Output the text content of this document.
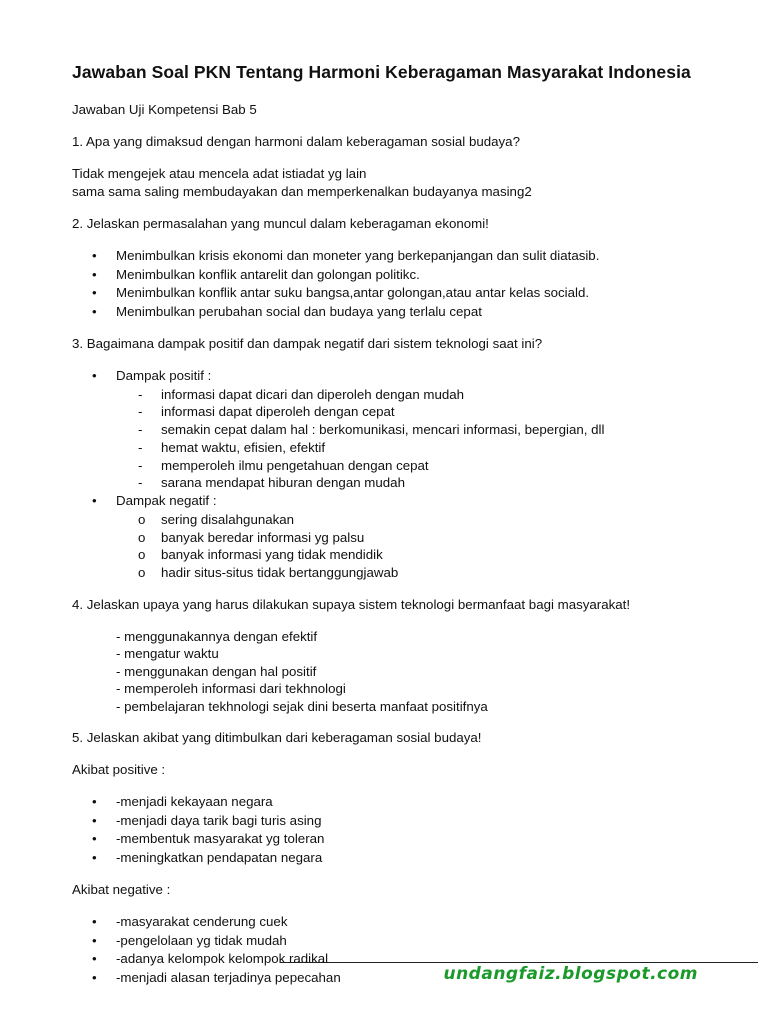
Jawaban Soal PKN Tentang Harmoni Keberagaman Masyarakat Indonesia
Jawaban Uji Kompetensi Bab 5
1. Apa yang dimaksud dengan harmoni dalam keberagaman sosial budaya?
Tidak mengejek atau mencela adat istiadat yg lain
sama sama saling membudayakan dan memperkenalkan budayanya masing2
2. Jelaskan permasalahan yang muncul dalam keberagaman ekonomi!
• Menimbulkan krisis ekonomi dan moneter yang berkepanjangan dan sulit diatasib.
• Menimbulkan konflik antarelit dan golongan politikc.
• Menimbulkan konflik antar suku bangsa,antar golongan,atau antar kelas sociald.
• Menimbulkan perubahan social dan budaya yang terlalu cepat
3. Bagaimana dampak positif dan dampak negatif dari sistem teknologi saat ini?
• Dampak positif :
- informasi dapat dicari dan diperoleh dengan mudah
- informasi dapat diperoleh dengan cepat
- semakin cepat dalam hal : berkomunikasi, mencari informasi, bepergian, dll
- hemat waktu, efisien, efektif
- memperoleh ilmu pengetahuan dengan cepat
- sarana mendapat hiburan dengan mudah
• Dampak negatif :
o sering disalahgunakan
o banyak beredar informasi yg palsu
o banyak informasi yang tidak mendidik
o hadir situs-situs tidak bertanggungjawab
4. Jelaskan upaya yang harus dilakukan supaya sistem teknologi bermanfaat bagi masyarakat!
- menggunakannya dengan efektif
- mengatur waktu
- menggunakan dengan hal positif
- memperoleh informasi dari tekhnologi
- pembelajaran tekhnologi sejak dini beserta manfaat positifnya
5. Jelaskan akibat yang ditimbulkan dari keberagaman sosial budaya!
Akibat positive :
• -menjadi kekayaan negara
• -menjadi daya tarik bagi turis asing
• -membentuk masyarakat yg toleran
• -meningkatkan pendapatan negara
Akibat negative :
• -masyarakat cenderung cuek
• -pengelolaan yg tidak mudah
• -adanya kelompok kelompok radikal
• -menjadi alasan terjadinya pepecahan	undangfaiz.blogspot.com
